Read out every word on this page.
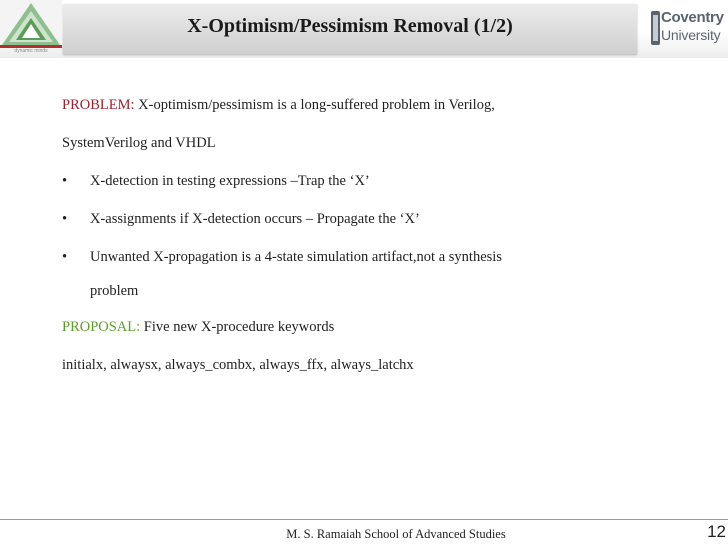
X-Optimism/Pessimism Removal (1/2)
dynamic minds
Coventry
University
PROBLEM: X-optimism/pessimism is a long-suffered problem in Verilog,
SystemVerilog and VHDL
• X-detection in testing expressions –Trap the ‘X’
• X-assignments if X-detection occurs – Propagate the ‘X’
• Unwanted X-propagation is a 4-state simulation artifact,not a synthesis
problem
PROPOSAL: Five new X-procedure keywords
initialx, alwaysx, always_combx, always_ffx, always_latchx
M. S. Ramaiah School of Advanced Studies	12
